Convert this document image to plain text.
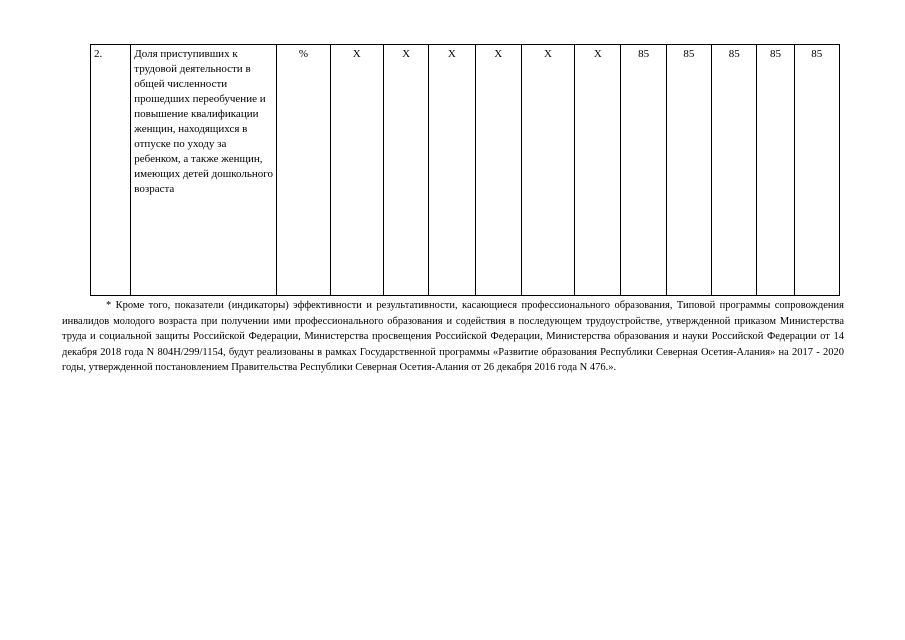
2.	Доля приступивших к трудовой деятельности в общей численности прошедших переобучение и повышение квалификации женщин, находящихся в отпуске по уходу за ребенком, а также женщин, имеющих детей дошкольного возраста	%	X	X	X	X	X	X	85	85	85	85	85

* Кроме того, показатели (индикаторы) эффективности и результативности, касающиеся профессионального образования, Типовой программы сопровождения инвалидов молодого возраста при получении ими профессионального образования и содействия в последующем трудоустройстве, утвержденной приказом Министерства труда и социальной защиты Российской Федерации, Министерства просвещения Российской Федерации, Министерства образования и науки Российской Федерации от 14 декабря 2018 года N 804Н/299/1154, будут реализованы в рамках Государственной программы «Развитие образования Республики Северная Осетия-Алания» на 2017 - 2020 годы, утвержденной постановлением Правительства Республики Северная Осетия-Алания от 26 декабря 2016 года N 476.».
